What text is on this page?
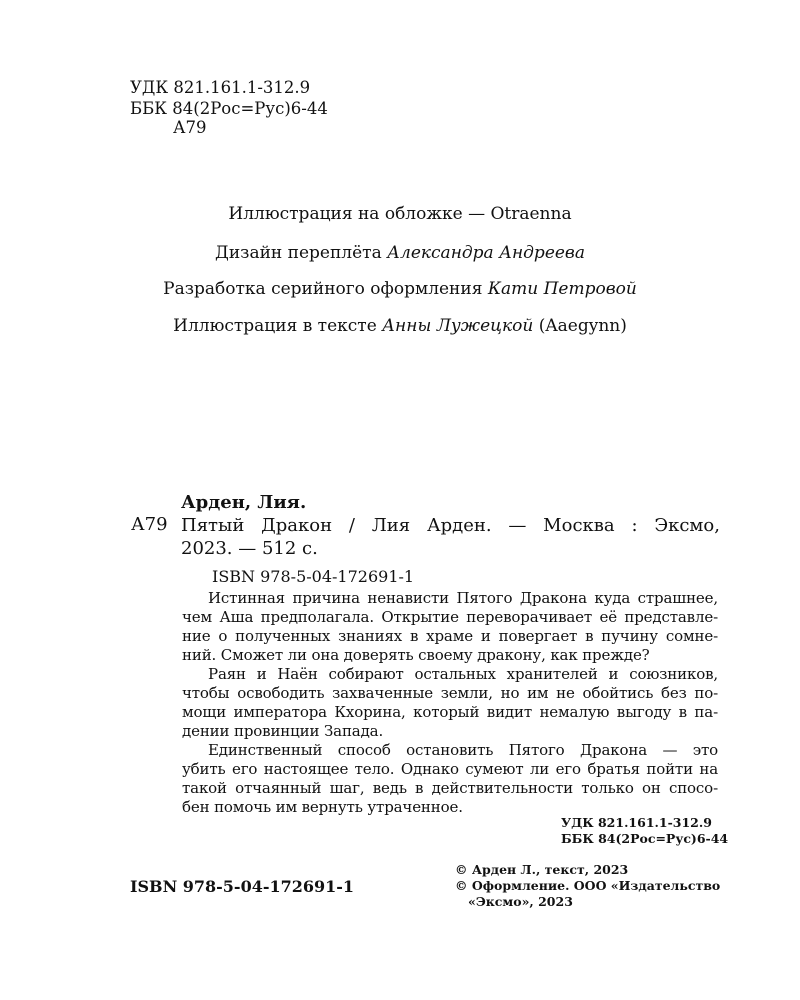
УДК 821.161.1-312.9
ББК 84(2Рос=Рус)6-44
А79
Иллюстрация на обложке — Otraenna
Дизайн переплёта Александра Андреева
Разработка серийного оформления Кати Петровой
Иллюстрация в тексте Анны Лужецкой (Aaegynn)
Арден, Лия.
А79 Пятый Дракон / Лия Арден. — Москва : Эксмо,
2023. — 512 с.
ISBN 978-5-04-172691-1
Истинная причина ненависти Пятого Дракона куда страшнее,
чем Аша предполагала. Открытие переворачивает её представле-
ние о полученных знаниях в храме и повергает в пучину сомне-
ний. Сможет ли она доверять своему дракону, как прежде?
Раян и Наён собирают остальных хранителей и союзников,
чтобы освободить захваченные земли, но им не обойтись без по-
мощи императора Кхорина, который видит немалую выгоду в па-
дении провинции Запада.
Единственный способ остановить Пятого Дракона — это
убить его настоящее тело. Однако сумеют ли его братья пойти на
такой отчаянный шаг, ведь в действительности только он спосо-
бен помочь им вернуть утраченное.
УДК 821.161.1-312.9
ББК 84(2Рос=Рус)6-44
© Арден Л., текст, 2023
© Оформление. ООО «Издательство
«Эксмо», 2023
ISBN 978-5-04-172691-1
